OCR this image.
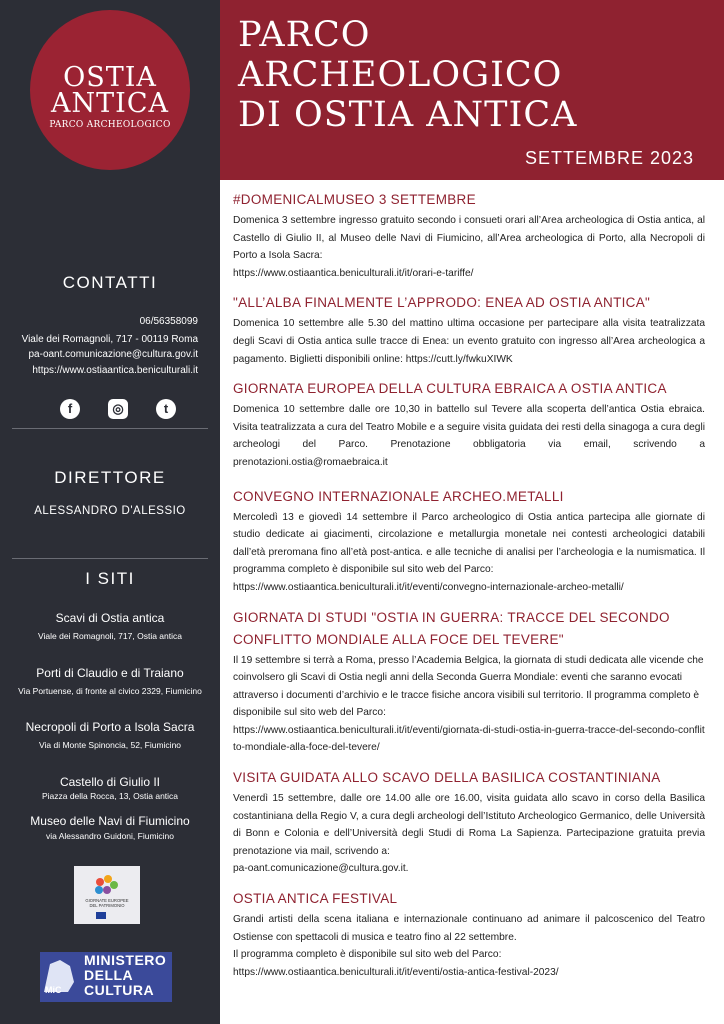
OSTIA
ANTICA
PARCO ARCHEOLOGICO
CONTATTI
06/56358099
Viale dei Romagnoli, 717 - 00119 Roma
pa-oant.comunicazione@cultura.gov.it
https://www.ostiaantica.beniculturali.it
f	◎	t
DIRETTORE
ALESSANDRO D'ALESSIO
I SITI
Scavi di Ostia antica
Viale dei Romagnoli, 717, Ostia antica
Porti di Claudio e di Traiano
Via Portuense, di fronte al civico 2329, Fiumicino
Necropoli di Porto a Isola Sacra
Via di Monte Spinoncia, 52, Fiumicino
Castello di Giulio II
Piazza della Rocca, 13, Ostia antica
Museo delle Navi di Fiumicino
via Alessandro Guidoni, Fiumicino
GIORNATE EUROPEE
DEL PATRIMONIO
MiC
MINISTERO
DELLA
CULTURA
PARCO
ARCHEOLOGICO
DI OSTIA ANTICA
SETTEMBRE 2023
#DOMENICALMUSEO 3 SETTEMBRE

Domenica 3 settembre ingresso gratuito secondo i consueti orari all’Area archeologica di Ostia antica, al Castello di Giulio II, al Museo delle Navi di Fiumicino, all’Area archeologica di Porto, alla Necropoli di Porto a Isola Sacra:

https://www.ostiaantica.beniculturali.it/it/orari-e-tariffe/

"ALL’ALBA FINALMENTE L’APPRODO: ENEA AD OSTIA ANTICA"

Domenica 10 settembre alle 5.30 del mattino ultima occasione per partecipare alla visita teatralizzata degli Scavi di Ostia antica sulle tracce di Enea: un evento gratuito con ingresso all’Area archeologica a pagamento. Biglietti disponibili online: https://cutt.ly/fwkuXIWK

GIORNATA EUROPEA DELLA CULTURA EBRAICA A OSTIA ANTICA

Domenica 10 settembre dalle ore 10,30 in battello sul Tevere alla scoperta dell’antica Ostia ebraica. Visita teatralizzata a cura del Teatro Mobile e a seguire visita guidata dei resti della sinagoga a cura degli archeologi del Parco. Prenotazione obbligatoria via email, scrivendo a prenotazioni.ostia@romaebraica.it

CONVEGNO INTERNAZIONALE ARCHEO.METALLI

Mercoledì 13 e giovedì 14 settembre il Parco archeologico di Ostia antica partecipa alle giornate di studio dedicate ai giacimenti, circolazione e metallurgia monetale nei contesti archeologici databili dall’età preromana fino all’età post-antica. e alle tecniche di analisi per l’archeologia e la numismatica. Il programma completo è disponibile sul sito web del Parco:

https://www.ostiaantica.beniculturali.it/it/eventi/convegno-internazionale-archeo-metalli/

GIORNATA DI STUDI "OSTIA IN GUERRA: TRACCE DEL SECONDO CONFLITTO MONDIALE ALLA FOCE DEL TEVERE"

Il 19 settembre si terrà a Roma, presso l’Academia Belgica, la giornata di studi dedicata alle vicende che coinvolsero gli Scavi di Ostia negli anni della Seconda Guerra Mondiale: eventi che saranno evocati attraverso i documenti d’archivio e le tracce fisiche ancora visibili sul territorio. Il programma completo è disponibile sul sito web del Parco:

https://www.ostiaantica.beniculturali.it/it/eventi/giornata-di-studi-ostia-in-guerra-tracce-del-secondo-conflitto-mondiale-alla-foce-del-tevere/

VISITA GUIDATA ALLO SCAVO DELLA BASILICA COSTANTINIANA

Venerdì 15 settembre, dalle ore 14.00 alle ore 16.00, visita guidata allo scavo in corso della Basilica costantiniana della Regio V, a cura degli archeologi dell’Istituto Archeologico Germanico, delle Università di Bonn e Colonia e dell’Università degli Studi di Roma La Sapienza. Partecipazione gratuita previa prenotazione via mail, scrivendo a:

pa-oant.comunicazione@cultura.gov.it.

OSTIA ANTICA FESTIVAL

Grandi artisti della scena italiana e internazionale continuano ad animare il palcoscenico del Teatro Ostiense con spettacoli di musica e teatro fino al 22 settembre.

Il programma completo è disponibile sul sito web del Parco:

https://www.ostiaantica.beniculturali.it/it/eventi/ostia-antica-festival-2023/
